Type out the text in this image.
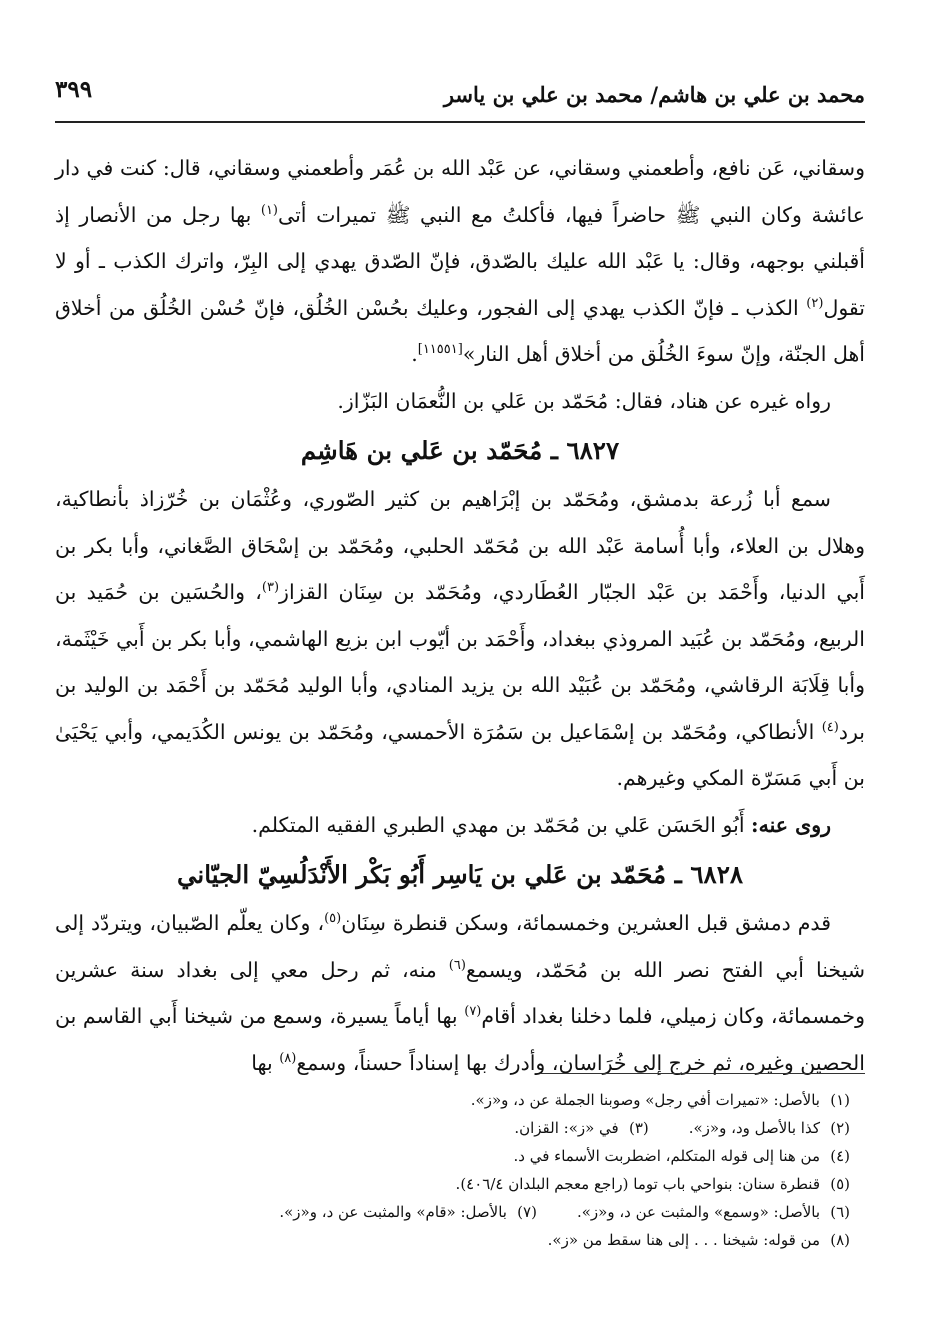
محمد بن علي بن هاشم/ محمد بن علي بن ياسر
٣٩٩

وسقاني، عَن نافع، وأطعمني وسقاني، عن عَبْد الله بن عُمَر وأطعمني وسقاني، قال: كنت في دار عائشة وكان النبي ﷺ حاضراً فيها، فأكلتُ مع النبي ﷺ تميرات أتى$^{(١)}$ بها رجل من الأنصار إذ أقبلني بوجهه، وقال: يا عَبْد الله عليك بالصّدق، فإنّ الصّدق يهدي إلى البِرّ، واترك الكذب ـ أو لا تقول$^{(٢)}$ الكذب ـ فإنّ الكذب يهدي إلى الفجور، وعليك بحُسْن الخُلُق، فإنّ حُسْن الخُلُق من أخلاق أهل الجنّة، وإنّ سوءَ الخُلُق من أخلاق أهل النار»[١١٥٥١].

رواه غيره عن هناد، فقال: مُحَمّد بن عَلي بن النُّعمَان البَزّاز.

٦٨٢٧ ـ مُحَمّد بن عَلي بن هَاشِم

سمع أبا زُرعة بدمشق، ومُحَمّد بن إبْرَاهيم بن كثير الصّوري، وعُثْمَان بن خُرّزاذ بأنطاكية، وهلال بن العلاء، وأبا أُسامة عَبْد الله بن مُحَمّد الحلبي، ومُحَمّد بن إسْحَاق الصَّغاني، وأبا بكر بن أَبي الدنيا، وأَحْمَد بن عَبْد الجبّار العُطَاردي، ومُحَمّد بن سِنَان القزاز$^{(٣)}$، والحُسَين بن حُمَيد بن الربيع، ومُحَمّد بن عُبَيد المروذي ببغداد، وأَحْمَد بن أيّوب ابن بزيع الهاشمي، وأبا بكر بن أَبي خَيْثَمة، وأبا قِلَابَة الرقاشي، ومُحَمّد بن عُبَيْد الله بن يزيد المنادي، وأبا الوليد مُحَمّد بن أَحْمَد بن الوليد بن برد$^{(٤)}$ الأنطاكي، ومُحَمّد بن إسْمَاعيل بن سَمُرَة الأحمسي، ومُحَمّد بن يونس الكُدَيمي، وأبي يَحْيَىٰ بن أَبي مَسَرّة المكي وغيرهم.

روى عنه: أَبُو الحَسَن عَلي بن مُحَمّد بن مهدي الطبري الفقيه المتكلم.

٦٨٢٨ ـ مُحَمّد بن عَلي بن يَاسِر أَبُو بَكْر الأَنْدَلُسِيّ الجيّاني

قدم دمشق قبل العشرين وخمسمائة، وسكن قنطرة سِنَان$^{(٥)}$، وكان يعلّم الصّبيان، ويتردّد إلى شيخنا أبي الفتح نصر الله بن مُحَمّد، ويسمع$^{(٦)}$ منه، ثم رحل معي إلى بغداد سنة عشرين وخمسمائة، وكان زميلي، فلما دخلنا بغداد أقام$^{(٧)}$ بها أياماً يسيرة، وسمع من شيخنا أَبي القاسم بن الحصين وغيره، ثم خرج إلى خُرَاسان، وأدرك بها إسناداً حسناً، وسمع$^{(٨)}$ بها

(١)بالأصل: «تميرات أفي رجل» وصوبنا الجملة عن د، و«ز».

(٢)كذا بالأصل ود، و«ز».(٣)في «ز»: القزان.

(٤)من هنا إلى قوله المتكلم، اضطربت الأسماء في د.

(٥)قنطرة سنان: بنواحي باب توما (راجع معجم البلدان ٤٠٦/٤).

(٦)بالأصل: «وسمع» والمثبت عن د، و«ز».(٧)بالأصل: «قام» والمثبت عن د، و«ز».

(٨)من قوله: شيخنا . . . إلى هنا سقط من «ز».
